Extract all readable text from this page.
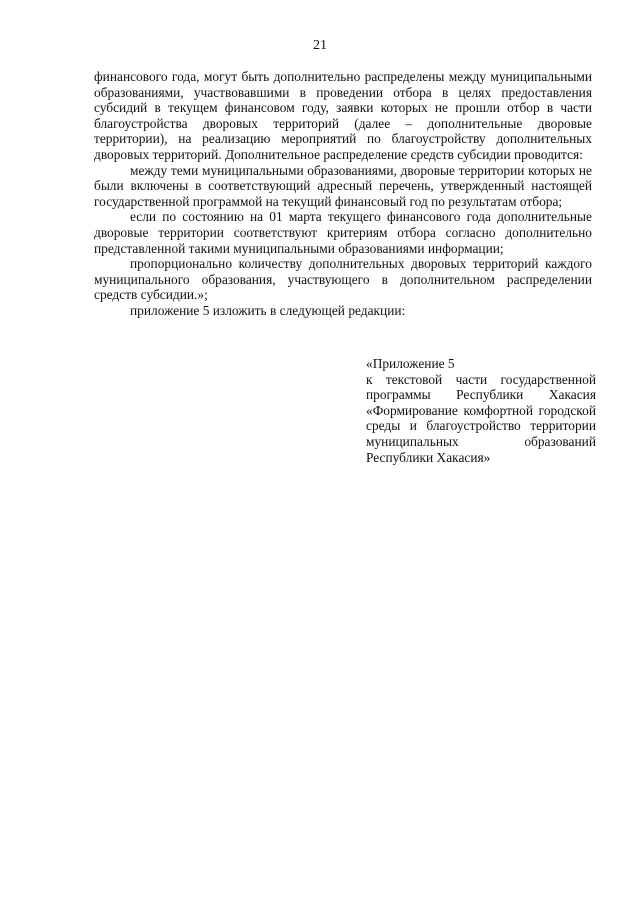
21

финансового года, могут быть дополнительно распределены между муниципальными образованиями, участвовавшими в проведении отбора в целях предоставления субсидий в текущем финансовом году, заявки которых не прошли отбор в части благоустройства дворовых территорий (далее – дополнительные дворовые территории), на реализацию мероприятий по благоустройству дополнительных дворовых территорий. Дополнительное распределение средств субсидии проводится:

между теми муниципальными образованиями, дворовые территории которых не были включены в соответствующий адресный перечень, утвержденный настоящей государственной программой на текущий финансовый год по результатам отбора;

если по состоянию на 01 марта текущего финансового года дополнительные дворовые территории соответствуют критериям отбора согласно дополнительно представленной такими муниципальными образованиями информации;

пропорционально количеству дополнительных дворовых территорий каждого муниципального образования, участвующего в дополнительном распределении средств субсидии.»;

приложение 5 изложить в следующей редакции:

«Приложение 5

к текстовой части государственной программы Республики Хакасия «Формирование комфортной городской среды и благоустройство территории муниципальных образований Республики Хакасия»
